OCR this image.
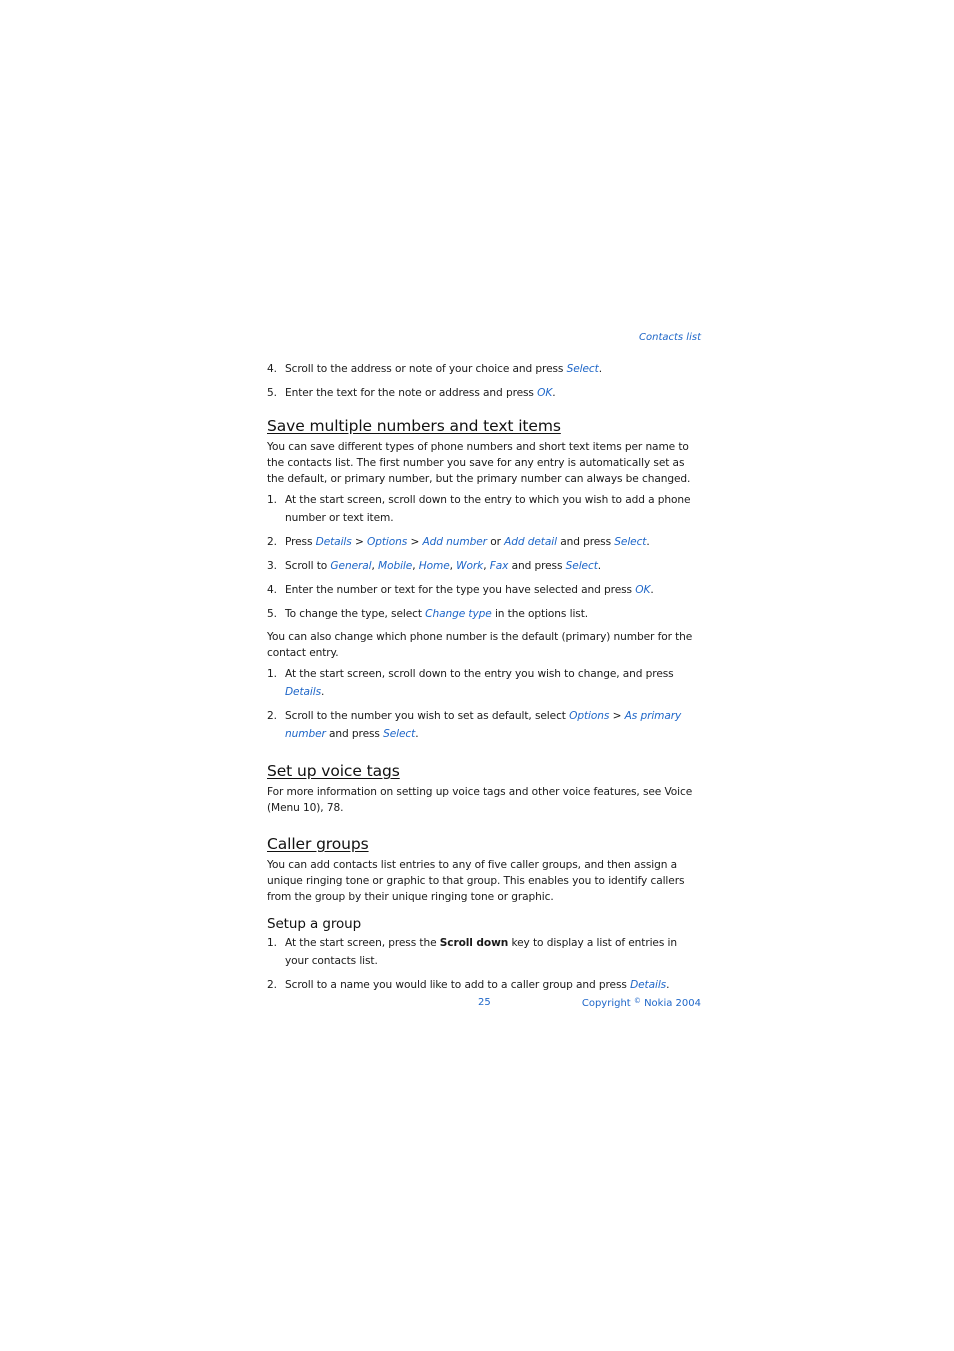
Contacts list
4. Scroll to the address or note of your choice and press Select.
5. Enter the text for the note or address and press OK.
Save multiple numbers and text items

You can save different types of phone numbers and short text items per name to the contacts list. The first number you save for any entry is automatically set as the default, or primary number, but the primary number can always be changed.

1. At the start screen, scroll down to the entry to which you wish to add a phone number or text item.
2. Press Details > Options > Add number or Add detail and press Select.
3. Scroll to General, Mobile, Home, Work, Fax and press Select.
4. Enter the number or text for the type you have selected and press OK.
5. To change the type, select Change type in the options list.

You can also change which phone number is the default (primary) number for the contact entry.

1. At the start screen, scroll down to the entry you wish to change, and press Details.
2. Scroll to the number you wish to set as default, select Options > As primary number and press Select.
Set up voice tags

For more information on setting up voice tags and other voice features, see Voice (Menu 10), 78.

Caller groups

You can add contacts list entries to any of five caller groups, and then assign a unique ringing tone or graphic to that group. This enables you to identify callers from the group by their unique ringing tone or graphic.

Setup a group
1. At the start screen, press the Scroll down key to display a list of entries in your contacts list.
2. Scroll to a name you would like to add to a caller group and press Details.
25	Copyright © Nokia 2004
